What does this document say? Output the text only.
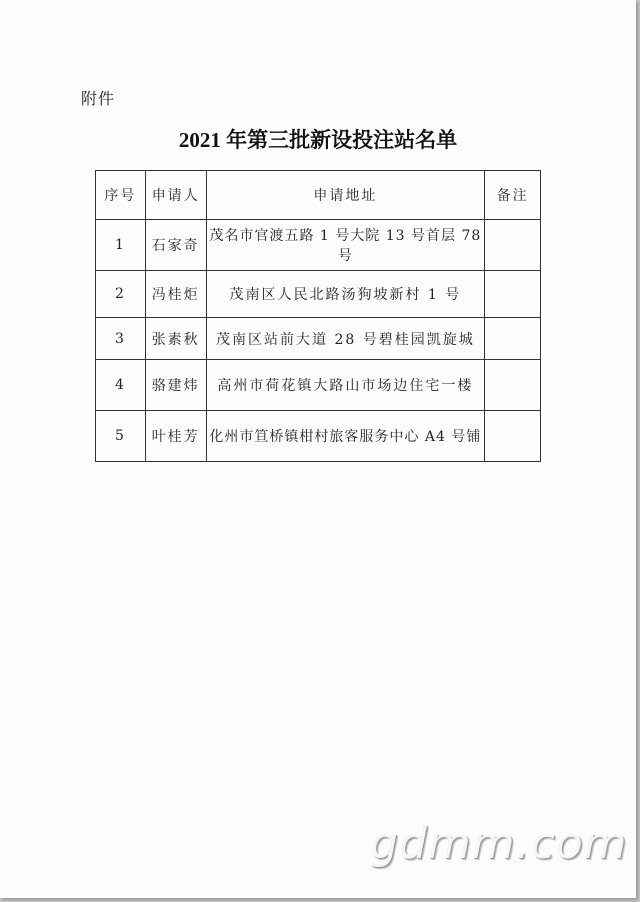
附件
2021 年第三批新设投注站名单
序号	申请人	申请地址	备注
1	石家奇	茂名市官渡五路 1 号大院 13 号首层 78 号	
2	冯桂炬	茂南区人民北路汤狗坡新村 1 号	
3	张素秋	茂南区站前大道 28 号碧桂园凯旋城	
4	骆建炜	高州市荷花镇大路山市场边住宅一楼	
5	叶桂芳	化州市笪桥镇柑村旅客服务中心 A4 号铺	
gdmm.com
